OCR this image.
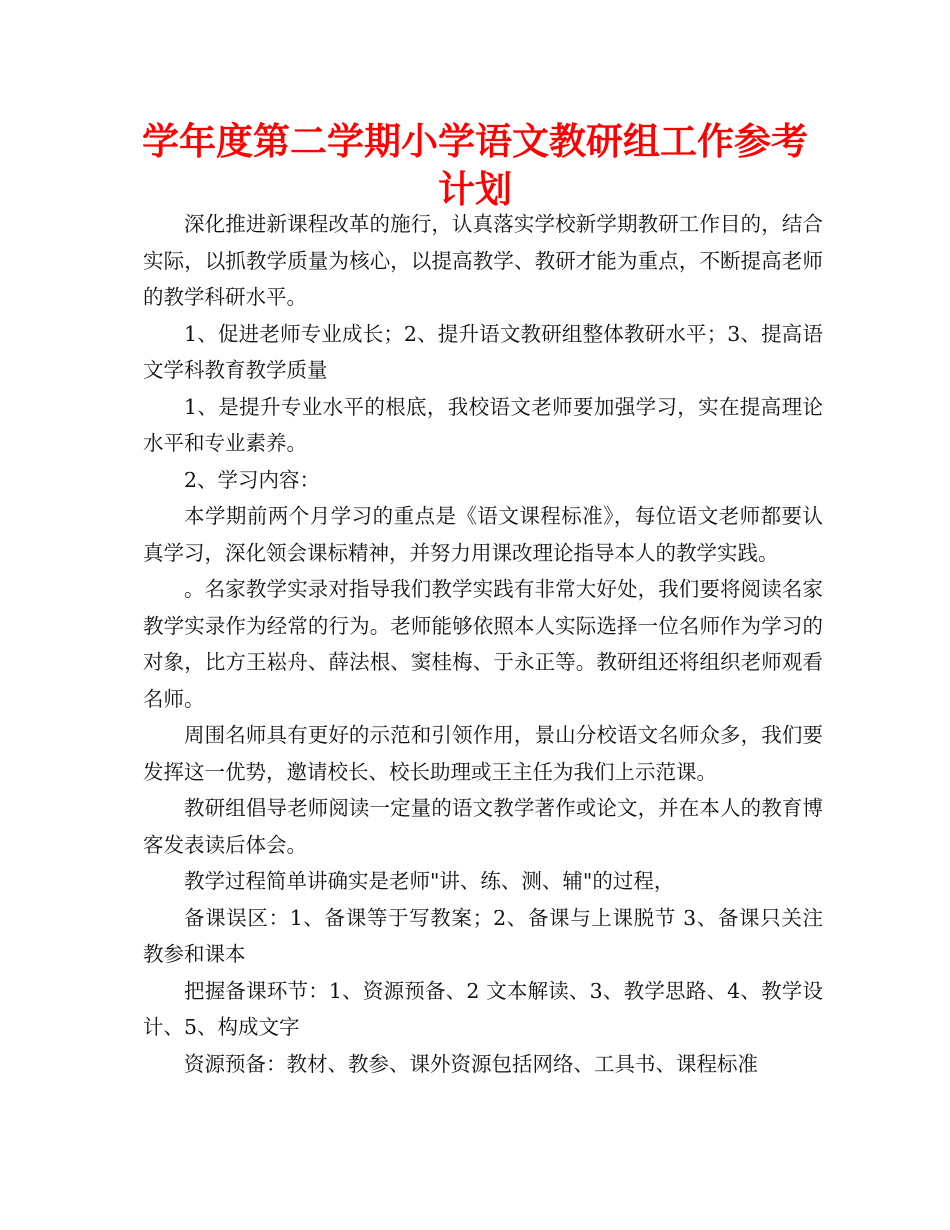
学年度第二学期小学语文教研组工作参考
计划

深化推进新课程改革的施行，认真落实学校新学期教研工作目的，结合实际，以抓教学质量为核心，以提高教学、教研才能为重点，不断提高老师的教学科研水平。

1、促进老师专业成长；2、提升语文教研组整体教研水平；3、提高语文学科教育教学质量

1、是提升专业水平的根底，我校语文老师要加强学习，实在提高理论水平和专业素养。

2、学习内容：

本学期前两个月学习的重点是《语文课程标准》，每位语文老师都要认真学习，深化领会课标精神，并努力用课改理论指导本人的教学实践。

。名家教学实录对指导我们教学实践有非常大好处，我们要将阅读名家教学实录作为经常的行为。老师能够依照本人实际选择一位名师作为学习的对象，比方王崧舟、薛法根、窦桂梅、于永正等。教研组还将组织老师观看名师。

周围名师具有更好的示范和引领作用，景山分校语文名师众多，我们要发挥这一优势，邀请校长、校长助理或王主任为我们上示范课。

教研组倡导老师阅读一定量的语文教学著作或论文，并在本人的教育博客发表读后体会。

教学过程简单讲确实是老师"讲、练、测、辅"的过程，

备课误区：1、备课等于写教案；2、备课与上课脱节 3、备课只关注教参和课本

把握备课环节：1、资源预备、2 文本解读、3、教学思路、4、教学设计、5、构成文字

资源预备：教材、教参、课外资源包括网络、工具书、课程标准
